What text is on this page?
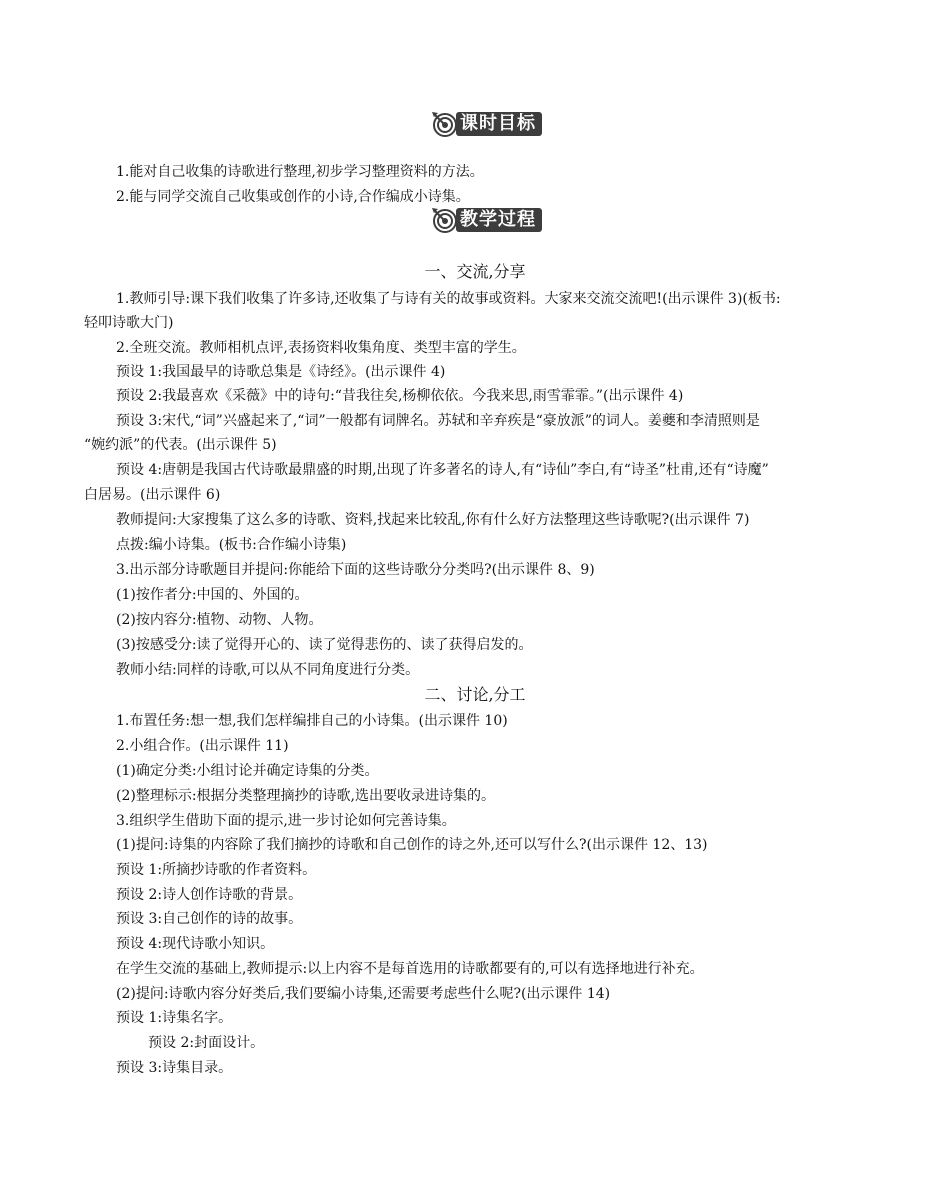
课时目标
1.能对自己收集的诗歌进行整理,初步学习整理资料的方法。
2.能与同学交流自己收集或创作的小诗,合作编成小诗集。
教学过程
一、交流,分享
1.教师引导:课下我们收集了许多诗,还收集了与诗有关的故事或资料。大家来交流交流吧!(出示课件 3)(板书:
轻叩诗歌大门)
2.全班交流。教师相机点评,表扬资料收集角度、类型丰富的学生。
预设 1:我国最早的诗歌总集是《诗经》。(出示课件 4)
预设 2:我最喜欢《采薇》中的诗句:“昔我往矣,杨柳依依。今我来思,雨雪霏霏。”(出示课件 4)
预设 3:宋代,“词”兴盛起来了,“词”一般都有词牌名。苏轼和辛弃疾是“豪放派”的词人。姜夔和李清照则是
“婉约派”的代表。(出示课件 5)
预设 4:唐朝是我国古代诗歌最鼎盛的时期,出现了许多著名的诗人,有“诗仙”李白,有“诗圣”杜甫,还有“诗魔”
白居易。(出示课件 6)
教师提问:大家搜集了这么多的诗歌、资料,找起来比较乱,你有什么好方法整理这些诗歌呢?(出示课件 7)
点拨:编小诗集。(板书:合作编小诗集)
3.出示部分诗歌题目并提问:你能给下面的这些诗歌分分类吗?(出示课件 8、9)
(1)按作者分:中国的、外国的。
(2)按内容分:植物、动物、人物。
(3)按感受分:读了觉得开心的、读了觉得悲伤的、读了获得启发的。
教师小结:同样的诗歌,可以从不同角度进行分类。
二、讨论,分工
1.布置任务:想一想,我们怎样编排自己的小诗集。(出示课件 10)
2.小组合作。(出示课件 11)
(1)确定分类:小组讨论并确定诗集的分类。
(2)整理标示:根据分类整理摘抄的诗歌,选出要收录进诗集的。
3.组织学生借助下面的提示,进一步讨论如何完善诗集。
(1)提问:诗集的内容除了我们摘抄的诗歌和自己创作的诗之外,还可以写什么?(出示课件 12、13)
预设 1:所摘抄诗歌的作者资料。
预设 2:诗人创作诗歌的背景。
预设 3:自己创作的诗的故事。
预设 4:现代诗歌小知识。
在学生交流的基础上,教师提示:以上内容不是每首选用的诗歌都要有的,可以有选择地进行补充。
(2)提问:诗歌内容分好类后,我们要编小诗集,还需要考虑些什么呢?(出示课件 14)
预设 1:诗集名字。
预设 2:封面设计。
预设 3:诗集目录。
